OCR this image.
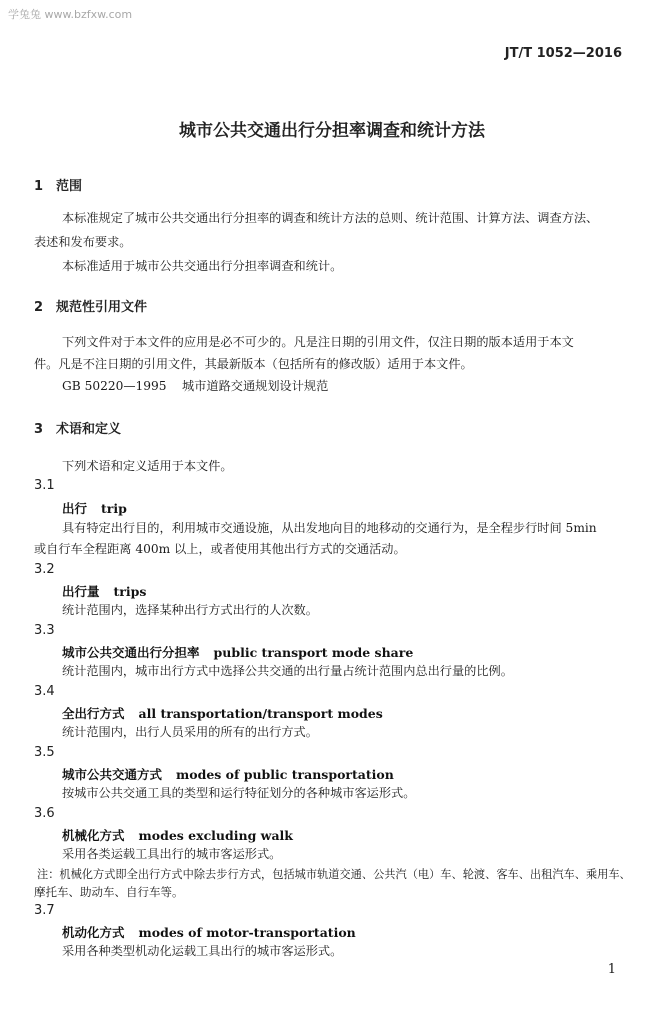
学兔兔 www.bzfxw.com
JT/T 1052—2016
城市公共交通出行分担率调查和统计方法
1 范围
本标准规定了城市公共交通出行分担率的调查和统计方法的总则、统计范围、计算方法、调查方法、
表述和发布要求。
本标准适用于城市公共交通出行分担率调查和统计。
2 规范性引用文件
下列文件对于本文件的应用是必不可少的。凡是注日期的引用文件，仅注日期的版本适用于本文
件。凡是不注日期的引用文件，其最新版本（包括所有的修改版）适用于本文件。
GB 50220—1995    城市道路交通规划设计规范
3 术语和定义
下列术语和定义适用于本文件。
3.1
出行 trip
具有特定出行目的，利用城市交通设施，从出发地向目的地移动的交通行为，是全程步行时间 5min
或自行车全程距离 400m 以上，或者使用其他出行方式的交通活动。
3.2
出行量 trips
统计范围内，选择某种出行方式出行的人次数。
3.3
城市公共交通出行分担率 public transport mode share
统计范围内，城市出行方式中选择公共交通的出行量占统计范围内总出行量的比例。
3.4
全出行方式 all transportation/transport modes
统计范围内，出行人员采用的所有的出行方式。
3.5
城市公共交通方式 modes of public transportation
按城市公共交通工具的类型和运行特征划分的各种城市客运形式。
3.6
机械化方式 modes excluding walk
采用各类运载工具出行的城市客运形式。
注：机械化方式即全出行方式中除去步行方式，包括城市轨道交通、公共汽（电）车、轮渡、客车、出租汽车、乘用车、
摩托车、助动车、自行车等。
3.7
机动化方式 modes of motor-transportation
采用各种类型机动化运载工具出行的城市客运形式。
1
